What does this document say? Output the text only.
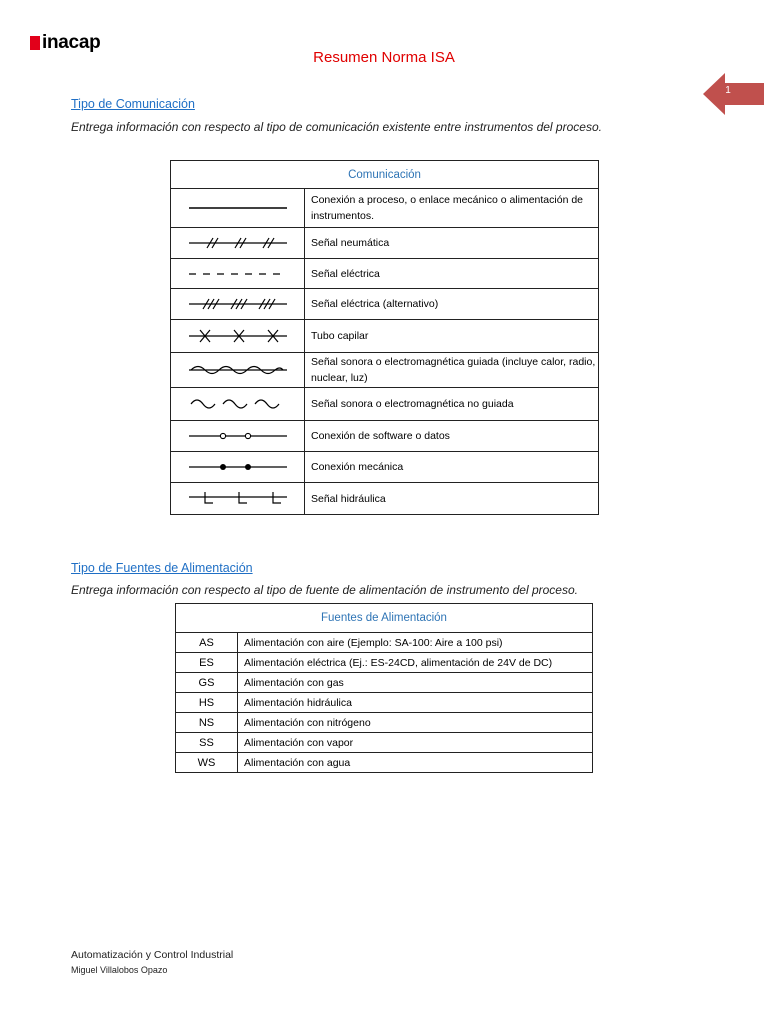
inacap
Resumen Norma ISA
1
Tipo de Comunicación
Entrega información con respecto al tipo de comunicación existente entre instrumentos del proceso.
Comunicación	

	Conexión a proceso, o enlace mecánico o alimentación de instrumentos.

	Señal neumática

	Señal eléctrica

	Señal eléctrica (alternativo)

	Tubo capilar

	Señal sonora o electromagnética guiada (incluye calor, radio, nuclear, luz)

	Señal sonora o electromagnética no guiada

	Conexión de software o datos

	Conexión mecánica

	Señal hidráulica
Tipo de Fuentes de Alimentación
Entrega información con respecto al tipo de fuente de alimentación de instrumento del proceso.
Fuentes de Alimentación	
AS	Alimentación con aire (Ejemplo: SA-100: Aire a 100 psi)
ES	Alimentación eléctrica (Ej.: ES-24CD, alimentación de 24V de DC)
GS	Alimentación con gas
HS	Alimentación hidráulica
NS	Alimentación con nitrógeno
SS	Alimentación con vapor
WS	Alimentación con agua
Automatización y Control Industrial
Miguel Villalobos Opazo
